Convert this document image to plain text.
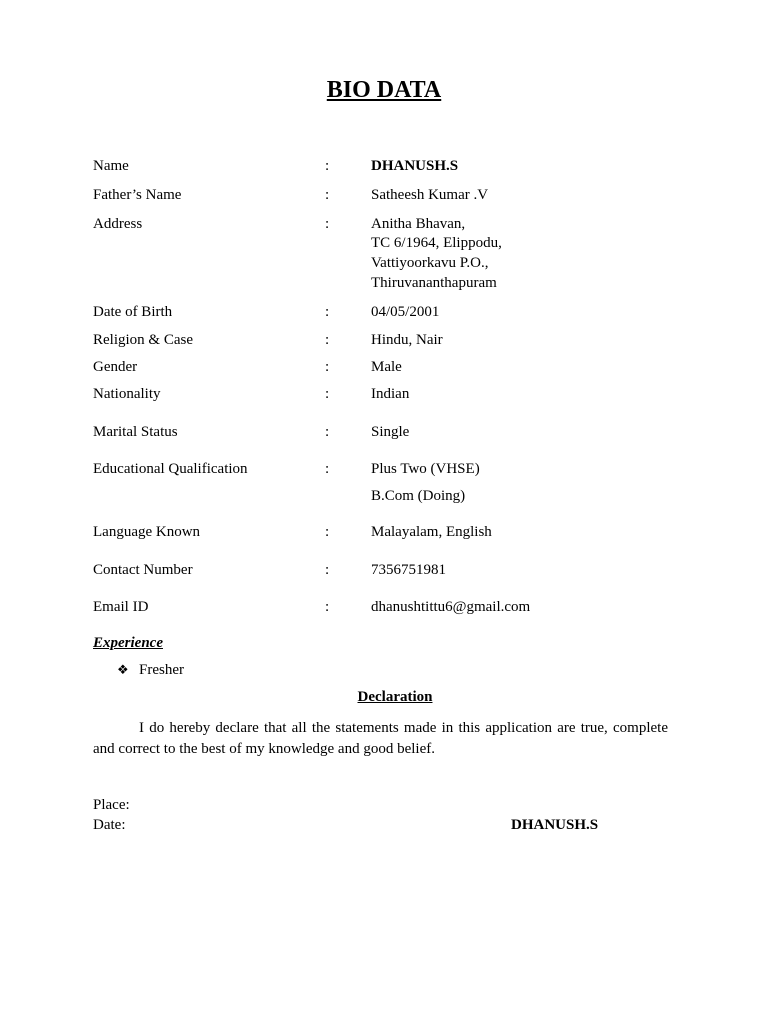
BIO DATA
Name	:	DHANUSH.S
Father’s Name	:	Satheesh Kumar .V
Address	:	Anitha Bhavan,
TC 6/1964, Elippodu,
Vattiyoorkavu P.O.,
Thiruvananthapuram
Date of Birth	:	04/05/2001
Religion & Case	:	Hindu, Nair
Gender	:	Male
Nationality	:	Indian
Marital Status	:	Single
Educational Qualification	:	Plus Two (VHSE)
B.Com (Doing)
Language Known	:	Malayalam, English
Contact Number	:	7356751981
Email ID	:	dhanushtittu6@gmail.com
Experience
❖ Fresher
Declaration
I do hereby declare that all the statements made in this application are true, complete and correct to the best of my knowledge and good belief.
Place:
Date:	DHANUSH.S
